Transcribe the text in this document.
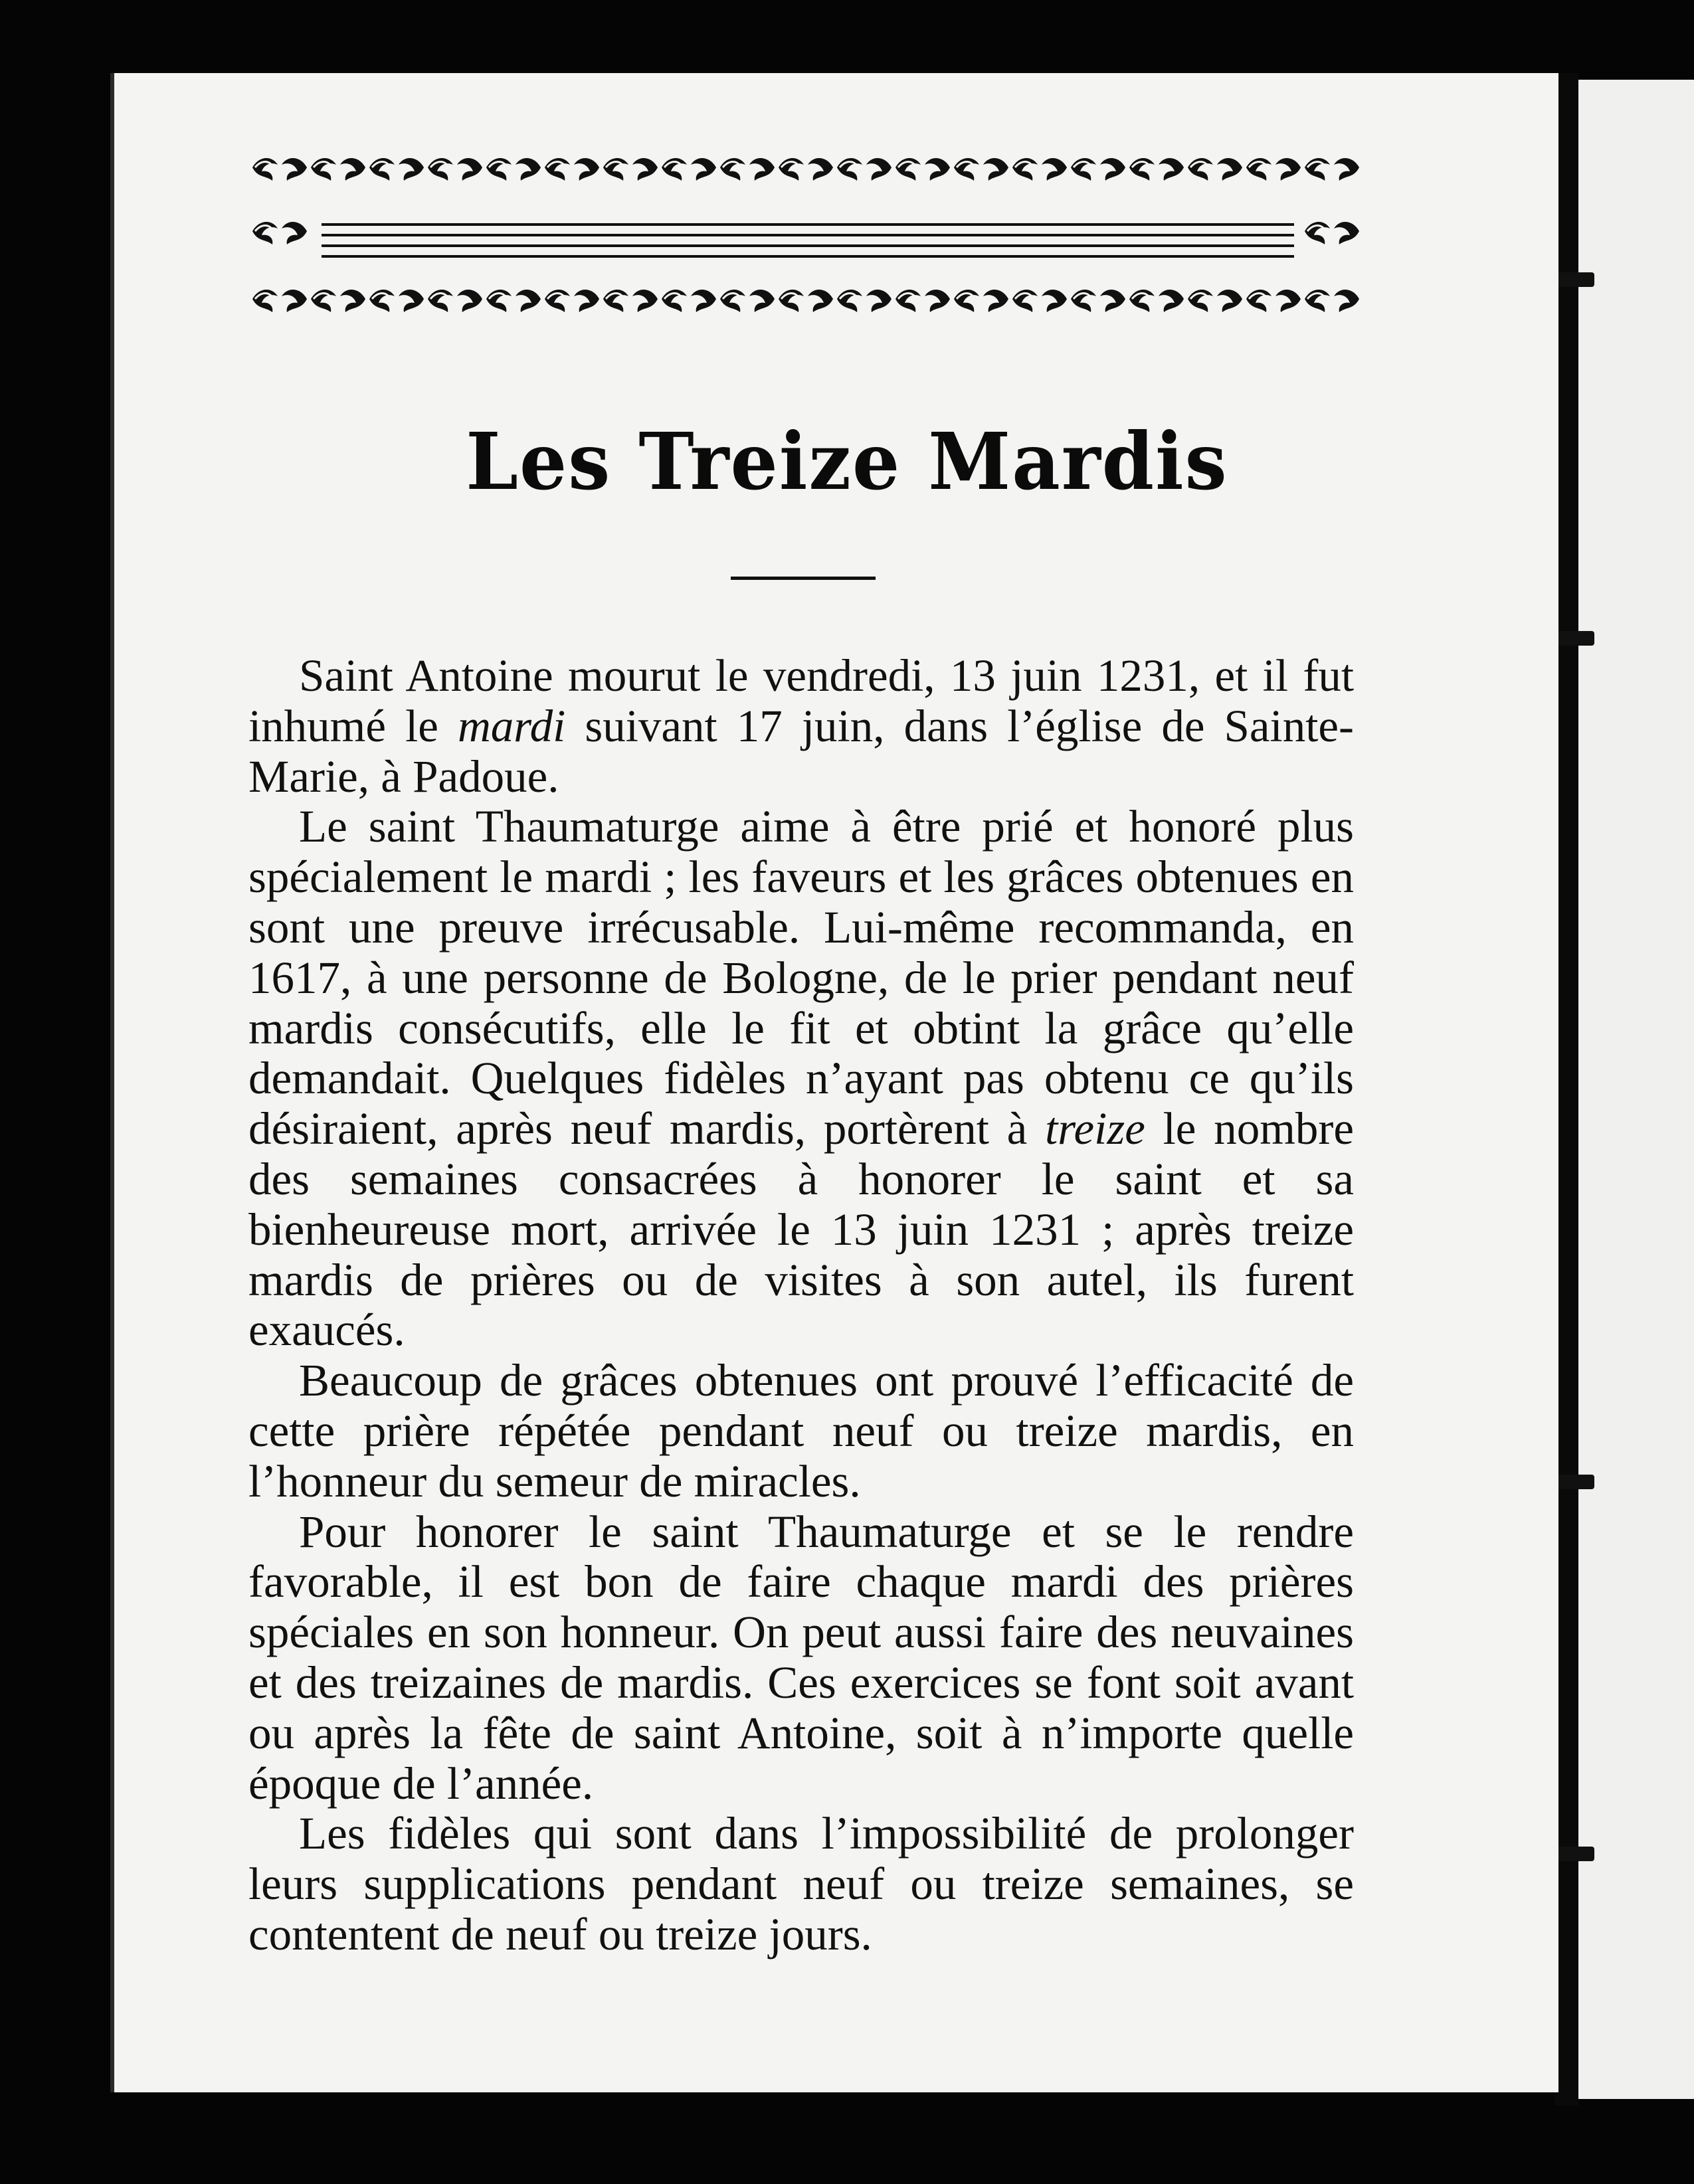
Les Treize Mardis

Saint Antoine mourut le vendredi, 13 juin 1231, et il fut inhumé le mardi suivant 17 juin, dans l’église de Sainte-Marie, à Padoue.

Le saint Thaumaturge aime à être prié et honoré plus spécialement le mardi ; les faveurs et les grâces obtenues en sont une preuve irrécusable. Lui-même recommanda, en 1617, à une personne de Bologne, de le prier pendant neuf mardis consécutifs, elle le fit et obtint la grâce qu’elle demandait. Quelques fidèles n’ayant pas obtenu ce qu’ils désiraient, après neuf mardis, portèrent à treize le nombre des semaines consacrées à honorer le saint et sa bienheureuse mort, arrivée le 13 juin 1231 ; après treize mardis de prières ou de visites à son autel, ils furent exaucés.

Beaucoup de grâces obtenues ont prouvé l’efficacité de cette prière répétée pendant neuf ou treize mardis, en l’honneur du semeur de miracles.

Pour honorer le saint Thaumaturge et se le rendre favorable, il est bon de faire chaque mardi des prières spéciales en son honneur. On peut aussi faire des neuvaines et des treizaines de mardis. Ces exercices se font soit avant ou après la fête de saint Antoine, soit à n’importe quelle époque de l’année.

Les fidèles qui sont dans l’impossibilité de prolonger leurs supplications pendant neuf ou treize semaines, se contentent de neuf ou treize jours.
